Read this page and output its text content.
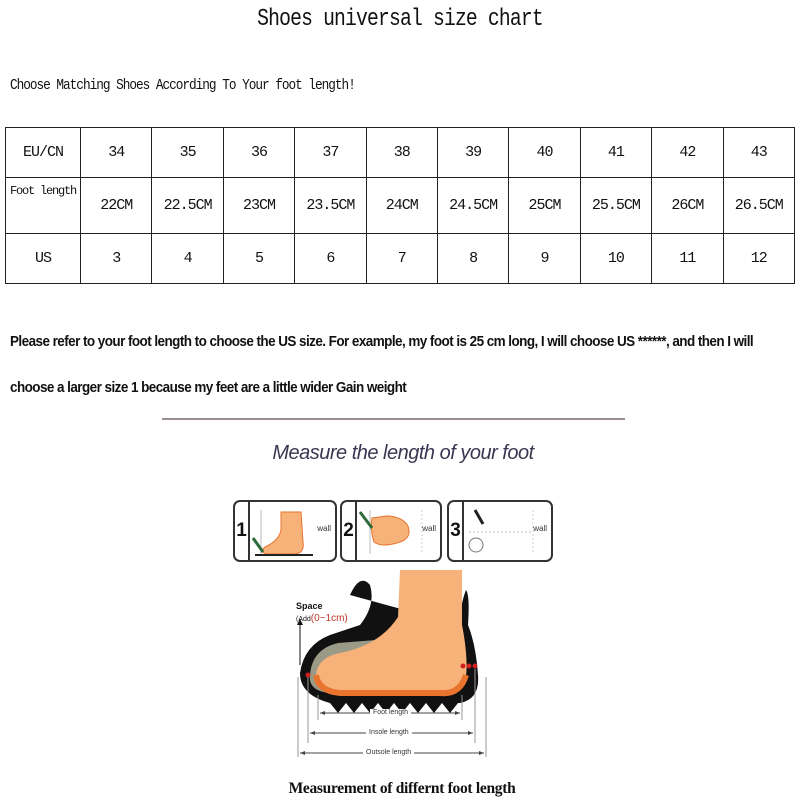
Shoes universal size chart
Choose Matching Shoes According To Your foot length!
EU/CN	34	35	36	37	38	39	40	41	42	43
Foot length	22CM	22.5CM	23CM	23.5CM	24CM	24.5CM	25CM	25.5CM	26CM	26.5CM
US	3	4	5	6	7	8	9	10	11	12
Please refer to your foot length to choose the US size. For example, my foot is 25 cm long, I will choose US ******, and then I will
choose a larger size 1 because my feet are a little wider Gain weight
Measure the length of your foot
1	wall 2	wall 3	wall
Space
(Add(0~1cm)
Foot length
Insole length
Outsole length
Measurement of differnt foot length
